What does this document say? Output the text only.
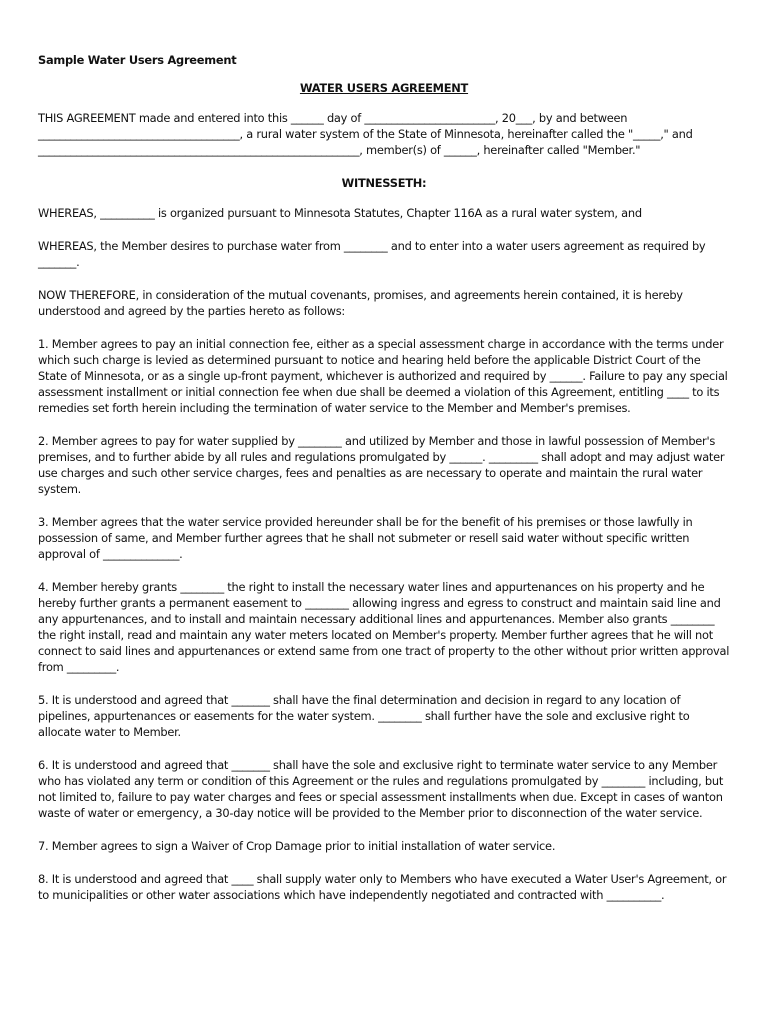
Sample Water Users Agreement
WATER USERS AGREEMENT

THIS AGREEMENT made and entered into this ______ day of ________________________, 20___, by and between _____________________________________, a rural water system of the State of Minnesota, hereinafter called the "_____," and ___________________________________________________________, member(s) of ______, hereinafter called "Member."

WITNESSETH:

WHEREAS, __________ is organized pursuant to Minnesota Statutes, Chapter 116A as a rural water system, and

WHEREAS, the Member desires to purchase water from ________ and to enter into a water users agreement as required by _______.

NOW THEREFORE, in consideration of the mutual covenants, promises, and agreements herein contained, it is hereby understood and agreed by the parties hereto as follows:

1. Member agrees to pay an initial connection fee, either as a special assessment charge in accordance with the terms under which such charge is levied as determined pursuant to notice and hearing held before the applicable District Court of the State of Minnesota, or as a single up-front payment, whichever is authorized and required by ______. Failure to pay any special assessment installment or initial connection fee when due shall be deemed a violation of this Agreement, entitling ____ to its remedies set forth herein including the termination of water service to the Member and Member's premises.

2. Member agrees to pay for water supplied by ________ and utilized by Member and those in lawful possession of Member's premises, and to further abide by all rules and regulations promulgated by ______. _________ shall adopt and may adjust water use charges and such other service charges, fees and penalties as are necessary to operate and maintain the rural water system.

3. Member agrees that the water service provided hereunder shall be for the benefit of his premises or those lawfully in possession of same, and Member further agrees that he shall not submeter or resell said water without specific written approval of ______________.

4. Member hereby grants ________ the right to install the necessary water lines and appurtenances on his property and he hereby further grants a permanent easement to ________ allowing ingress and egress to construct and maintain said line and any appurtenances, and to install and maintain necessary additional lines and appurtenances. Member also grants ________ the right install, read and maintain any water meters located on Member's property. Member further agrees that he will not connect to said lines and appurtenances or extend same from one tract of property to the other without prior written approval from _________.

5. It is understood and agreed that _______ shall have the final determination and decision in regard to any location of pipelines, appurtenances or easements for the water system. ________ shall further have the sole and exclusive right to allocate water to Member.

6. It is understood and agreed that _______ shall have the sole and exclusive right to terminate water service to any Member who has violated any term or condition of this Agreement or the rules and regulations promulgated by ________ including, but not limited to, failure to pay water charges and fees or special assessment installments when due. Except in cases of wanton waste of water or emergency, a 30-day notice will be provided to the Member prior to disconnection of the water service.

7. Member agrees to sign a Waiver of Crop Damage prior to initial installation of water service.

8. It is understood and agreed that ____ shall supply water only to Members who have executed a Water User's Agreement, or to municipalities or other water associations which have independently negotiated and contracted with __________.
